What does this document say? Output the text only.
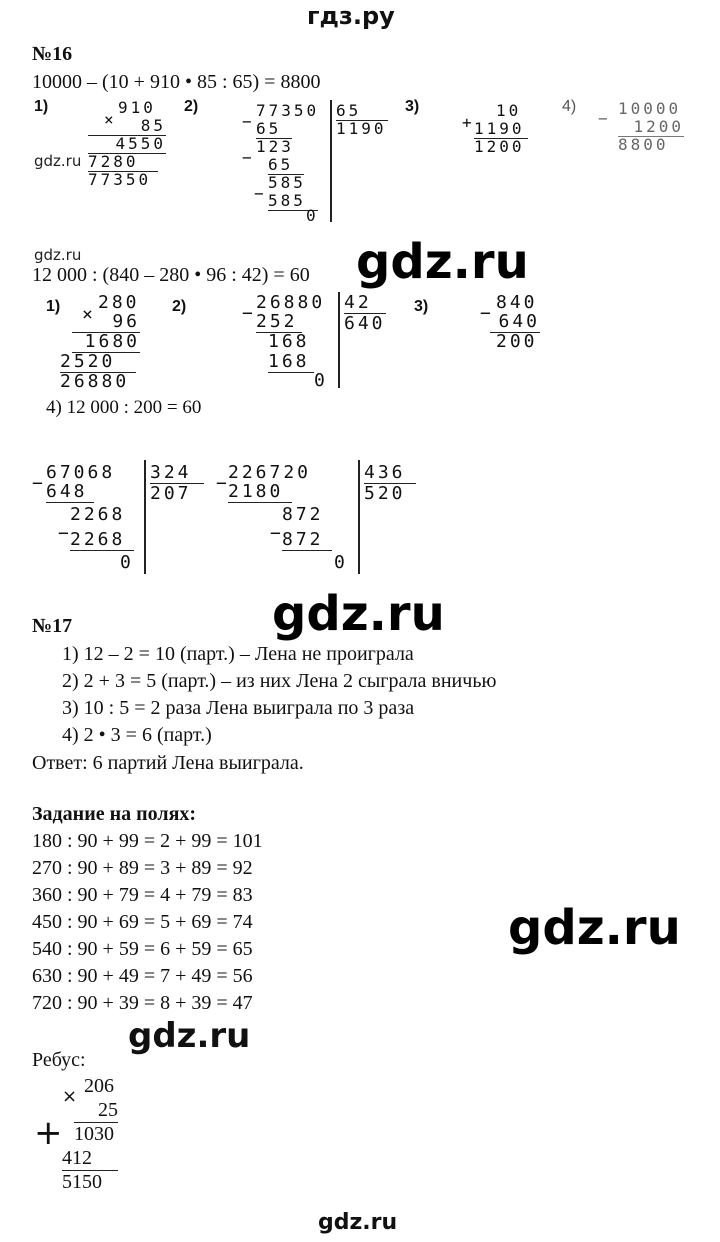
гдз.ру
№16
10000 – (10 + 910 • 85 : 65) = 8800
1)	2)	3)	4)
×
910
85
4550
7280
77350
gdz.ru
77350 65
1190
− 65
123
− 65
585
− 585
0
10
+ 1190
1200
10000
−	1200
8800
gdz.ru
12 000 : (840 – 280 • 96 : 42) = 60 gdz.ru
1)	2)	3)
×
280
96
1680
2520
26880
26880 42
640
− 252
168
168
0
840
− 640
200
4) 12 000 : 200 = 60
67068 324
207
− 648
2268
−
2268
0
226720	436
520
−
2180
872
−
872
0
gdz.ru
№17
1) 12 – 2 = 10 (парт.) – Лена не проиграла
2) 2 + 3 = 5 (парт.) – из них Лена 2 сыграла вничью
3) 10 : 5 = 2 раза Лена выиграла по 3 раза
4) 2 • 3 = 6 (парт.)
Ответ: 6 партий Лена выиграла.
Задание на полях:
180 : 90 + 99 = 2 + 99 = 101
270 : 90 + 89 = 3 + 89 = 92
360 : 90 + 79 = 4 + 79 = 83
450 : 90 + 69 = 5 + 69 = 74
540 : 90 + 59 = 6 + 59 = 65
630 : 90 + 49 = 7 + 49 = 56
720 : 90 + 39 = 8 + 39 = 47
gdz.ru
gdz.ru
Ребус:
× 206
25
+ 1030
412
5150
gdz.ru
